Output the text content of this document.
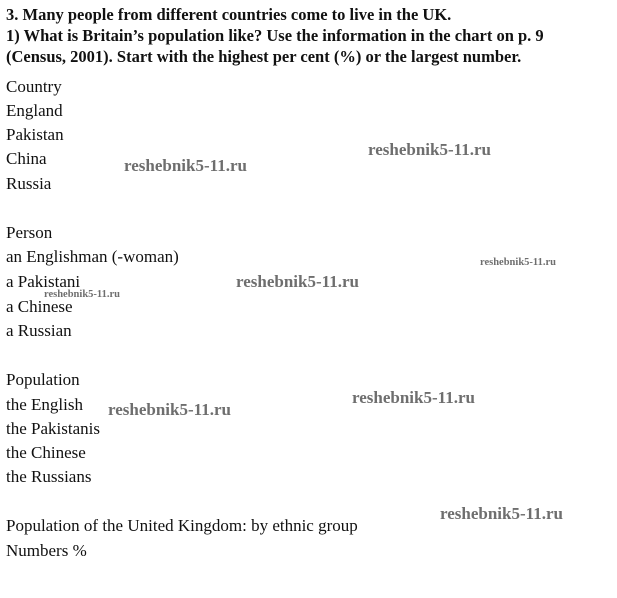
3. Many people from different countries come to live in the UK.
1) What is Britain’s population like? Use the information in the chart on p. 9
(Census, 2001). Start with the highest per cent (%) or the largest number.
Country
England
Pakistan
China
Russia
Person
an Englishman (-woman)
a Pakistani
a Chinese
a Russian
Population
the English
the Pakistanis
the Chinese
the Russians
Population of the United Kingdom: by ethnic group
Numbers %
reshebnik5-11.ru
reshebnik5-11.ru
reshebnik5-11.ru
reshebnik5-11.ru
reshebnik5-11.ru
reshebnik5-11.ru
reshebnik5-11.ru
reshebnik5-11.ru
